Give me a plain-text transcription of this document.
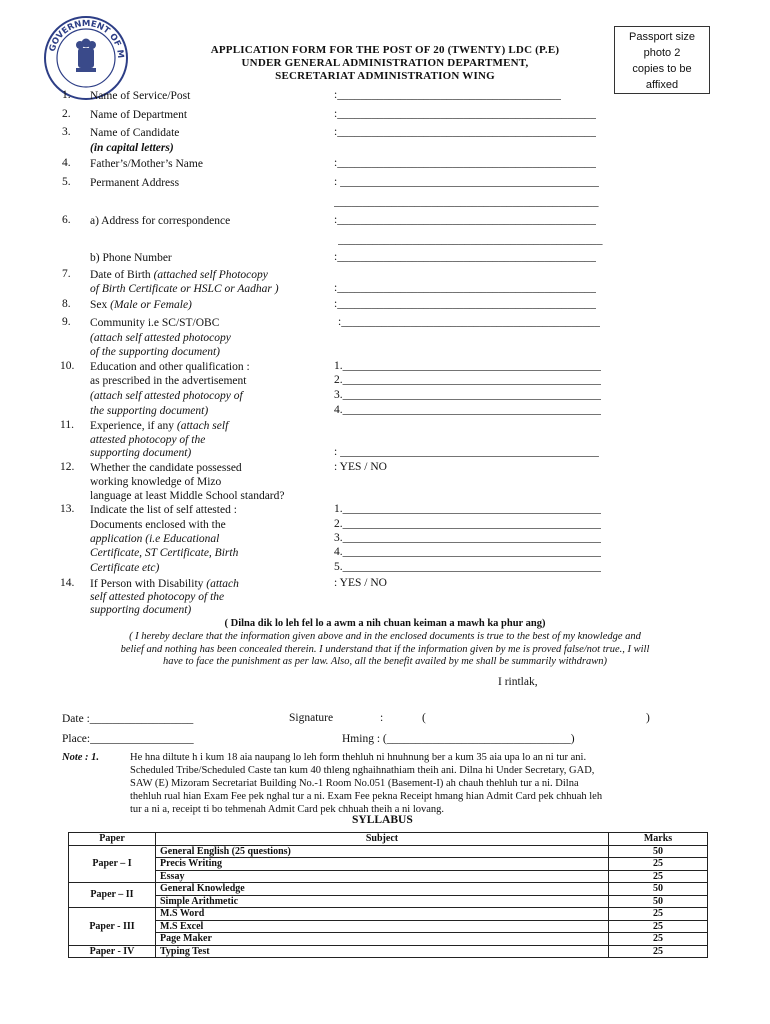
GOVERNMENT OF M	APPLICATION FORM FOR THE POST OF 20 (TWENTY) LDC (P.E)
UNDER GENERAL ADMINISTRATION DEPARTMENT,
SECRETARIAT ADMINISTRATION WING
Passport size
photo 2
copies to be
affixed
1. Name of Service/Post	:_______________________________________
2. Name of Department	:_____________________________________________
3. Name of Candidate
(in capital letters)
:_____________________________________________
4. Father’s/Mother’s Name	:_____________________________________________
5. Permanent Address	: _____________________________________________
______________________________________________
6. a) Address for correspondence	:_____________________________________________
______________________________________________
b) Phone Number	:_____________________________________________
7. Date of Birth (attached self Photocopy
of Birth Certificate or HSLC or Aadhar )	:_____________________________________________
8. Sex (Male or Female)	:_____________________________________________
9. Community i.e SC/ST/OBC
(attach self attested photocopy
of the supporting document)
:_____________________________________________
10. Education and other qualification :
as prescribed in the advertisement
(attach self attested photocopy of
the supporting document)
1._____________________________________________
2._____________________________________________
3._____________________________________________
4._____________________________________________
11. Experience, if any (attach self
attested photocopy of the
supporting document)	: _____________________________________________
12. Whether the candidate possessed
working knowledge of Mizo
language at least Middle School standard?
: YES / NO
13. Indicate the list of self attested :
Documents enclosed with the
application (i.e Educational
Certificate, ST Certificate, Birth
Certificate etc)
1._____________________________________________
2._____________________________________________
3._____________________________________________
4._____________________________________________
5._____________________________________________
14. If Person with Disability (attach
self attested photocopy of the
supporting document)
: YES / NO
( Dilna dik lo leh fel lo a awm a nih chuan keiman a mawh ka phur ang)
( I hereby declare that the information given above and in the enclosed documents is true to the best of my knowledge and
belief and nothing has been concealed therein. I understand that if the information given by me is proved false/not true., I will
have to face the punishment as per law. Also, all the benefit availed by me shall be summarily withdrawn)
I rintlak,
Date :__________________	Signature	:	(	)
Place:__________________	Hming : (________________________________)
Note : 1.	He hna diltute h i kum 18 aia naupang lo leh form thehluh ni hnuhnung ber a kum 35 aia upa lo an ni tur ani.
Scheduled Tribe/Scheduled Caste tan kum 40 thleng nghaihnathiam theih ani. Dilna hi Under Secretary, GAD,
SAW (E) Mizoram Secretariat Building No.-1 Room No.051 (Basement-I) ah chauh thehluh tur a ni. Dilna
thehluh rual hian Exam Fee pek nghal tur a ni. Exam Fee pekna Receipt hmang hian Admit Card pek chhuah leh
tur a ni a, receipt ti bo tehmenah Admit Card pek chhuah theih a ni lovang.
SYLLABUS
Paper	Subject	Marks
Paper – I	General English (25 questions)	50
	Precis Writing	25
	Essay	25
Paper – II	General Knowledge	50
	Simple Arithmetic	50
Paper - III	M.S Word	25
	M.S Excel	25
	Page Maker	25
Paper - IV	Typing Test	25
